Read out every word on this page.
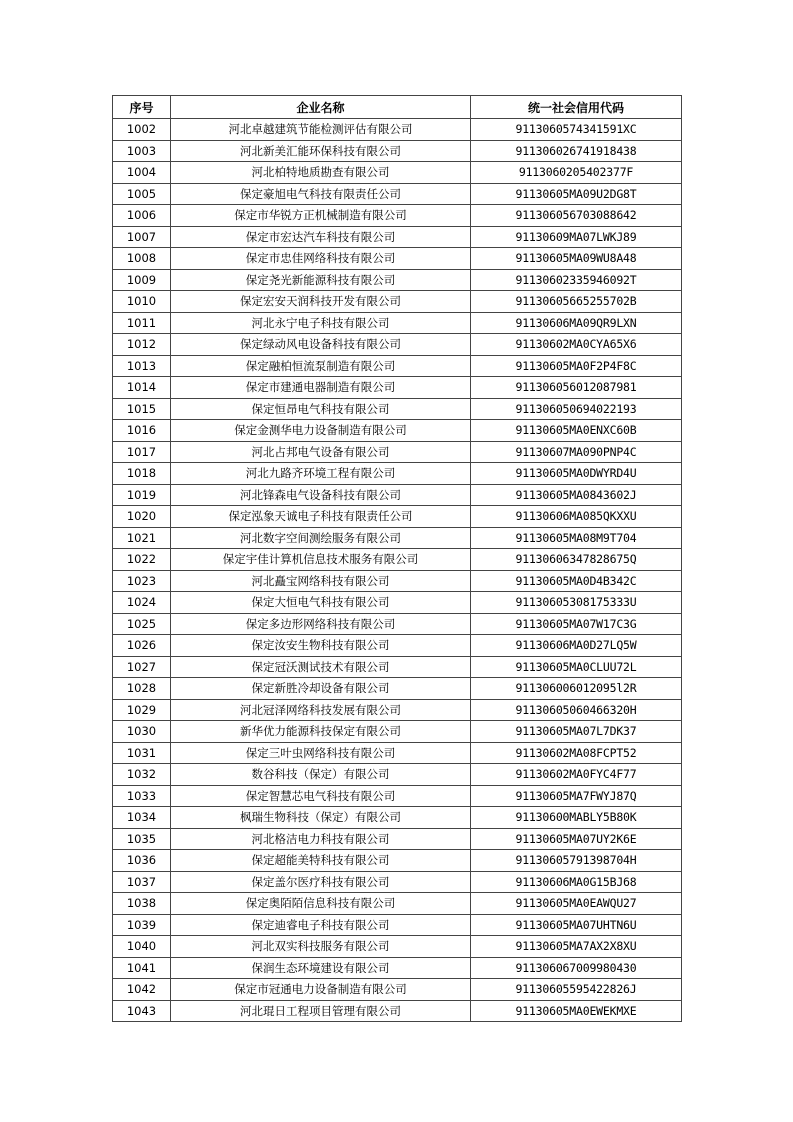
序号	企业名称	统一社会信用代码
1002	河北卓越建筑节能检测评估有限公司	9113060574341591XC
1003	河北新美汇能环保科技有限公司	911306026741918438
1004	河北柏特地质勘查有限公司	9113060205402377F
1005	保定豪旭电气科技有限责任公司	91130605MA09U2DG8T
1006	保定市华锐方正机械制造有限公司	911306056703088642
1007	保定市宏达汽车科技有限公司	91130609MA07LWKJ89
1008	保定市忠佳网络科技有限公司	91130605MA09WU8A48
1009	保定尧光新能源科技有限公司	91130602335946092T
1010	保定宏安天润科技开发有限公司	91130605665255702B
1011	河北永宁电子科技有限公司	91130606MA09QR9LXN
1012	保定绿动风电设备科技有限公司	91130602MA0CYA65X6
1013	保定融柏恒流泵制造有限公司	91130605MA0F2P4F8C
1014	保定市建通电器制造有限公司	911306056012087981
1015	保定恒昂电气科技有限公司	911306050694022193
1016	保定金测华电力设备制造有限公司	91130605MA0ENXC60B
1017	河北占邦电气设备有限公司	91130607MA090PNP4C
1018	河北九路齐环境工程有限公司	91130605MA0DWYRD4U
1019	河北锋森电气设备科技有限公司	91130605MA0843602J
1020	保定泓象天诚电子科技有限责任公司	91130606MA085QKXXU
1021	河北数字空间测绘服务有限公司	91130605MA08M9T704
1022	保定宇佳计算机信息技术服务有限公司	91130606347828675Q
1023	河北矗宝网络科技有限公司	91130605MA0D4B342C
1024	保定大恒电气科技有限公司	91130605308175333U
1025	保定多边形网络科技有限公司	91130605MA07W17C3G
1026	保定汝安生物科技有限公司	91130606MA0D27LQ5W
1027	保定冠沃测试技术有限公司	91130605MA0CLUU72L
1028	保定新胜冷却设备有限公司	911306006012095l2R
1029	河北冠泽网络科技发展有限公司	91130605060466320H
1030	新华优力能源科技保定有限公司	91130605MA07L7DK37
1031	保定三叶虫网络科技有限公司	91130602MA08FCPT52
1032	数谷科技（保定）有限公司	91130602MA0FYC4F77
1033	保定智慧芯电气科技有限公司	91130605MA7FWYJ87Q
1034	枫瑞生物科技（保定）有限公司	91130600MABLY5B80K
1035	河北格洁电力科技有限公司	91130605MA07UY2K6E
1036	保定超能美特科技有限公司	91130605791398704H
1037	保定盖尔医疗科技有限公司	91130606MA0G15BJ68
1038	保定奥陌陌信息科技有限公司	91130605MA0EAWQU27
1039	保定迪睿电子科技有限公司	91130605MA07UHTN6U
1040	河北双实科技服务有限公司	91130605MA7AX2X8XU
1041	保润生态环境建设有限公司	911306067009980430
1042	保定市冠通电力设备制造有限公司	91130605595422826J
1043	河北琨日工程项目管理有限公司	91130605MA0EWEKMXE
